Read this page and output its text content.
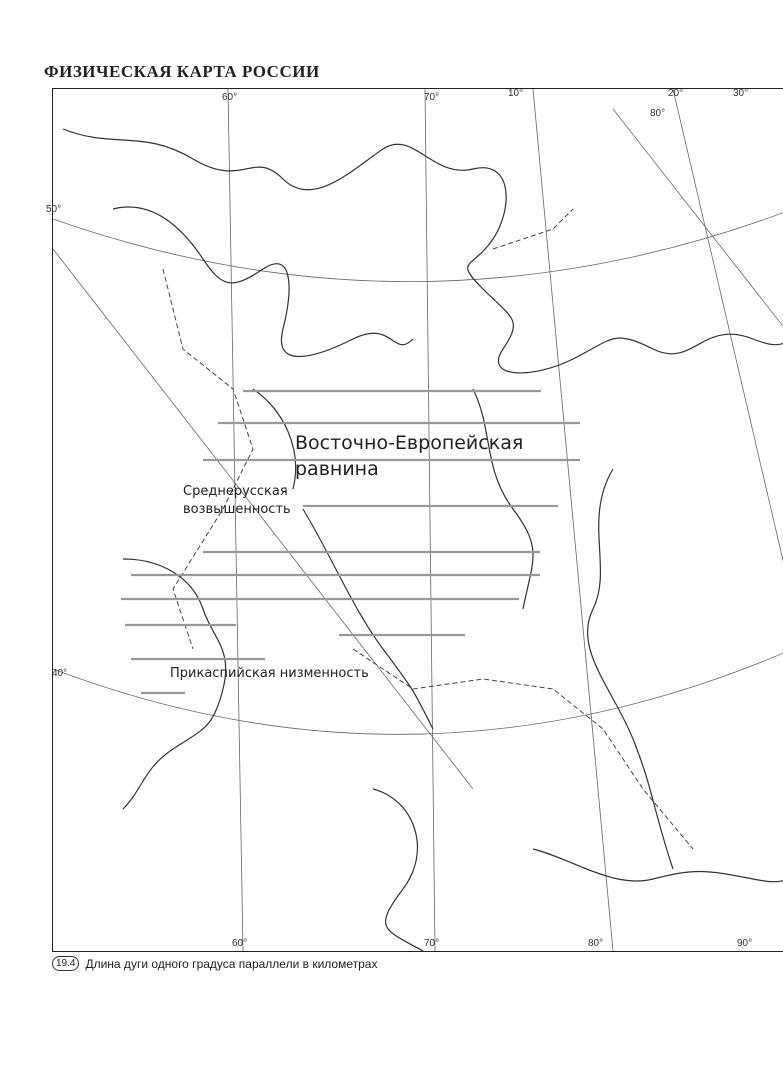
ФИЗИЧЕСКАЯ КАРТА РОССИИ
Восточно-Европейская
равнина
Среднерусская
возвышенность
Прикаспийская низменность
60°	70°	10°	20°	30°
80°
50°
40°
60°	70°	80°	90°
19.4 Длина дуги одного градуса параллели в километрах
